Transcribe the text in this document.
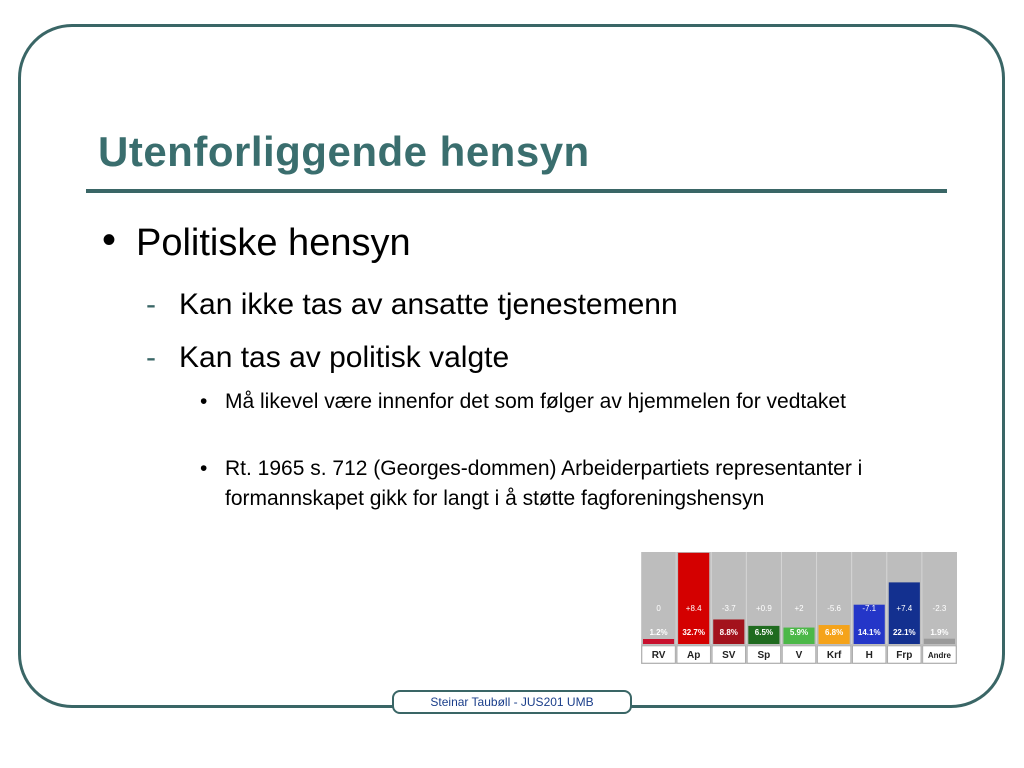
Utenforliggende hensyn
• Politiske hensyn
- Kan ikke tas av ansatte tjenestemenn
- Kan tas av politisk valgte
• Må likevel være innenfor det som følger av hjemmelen for vedtaket
• Rt. 1965 s. 712 (Georges-dommen) Arbeiderpartiets representanter i formannskapet gikk for langt i å støtte fagforeningshensyn
0
1.2%
RV
+8.4
32.7%
Ap
-3.7
8.8%
SV
+0.9
6.5%
Sp
+2
5.9%
V
-5.6
6.8%
Krf
-7.1
14.1%
H
+7.4
22.1%
Frp
-2.3
1.9%
Andre
Steinar Taubøll - JUS201 UMB
